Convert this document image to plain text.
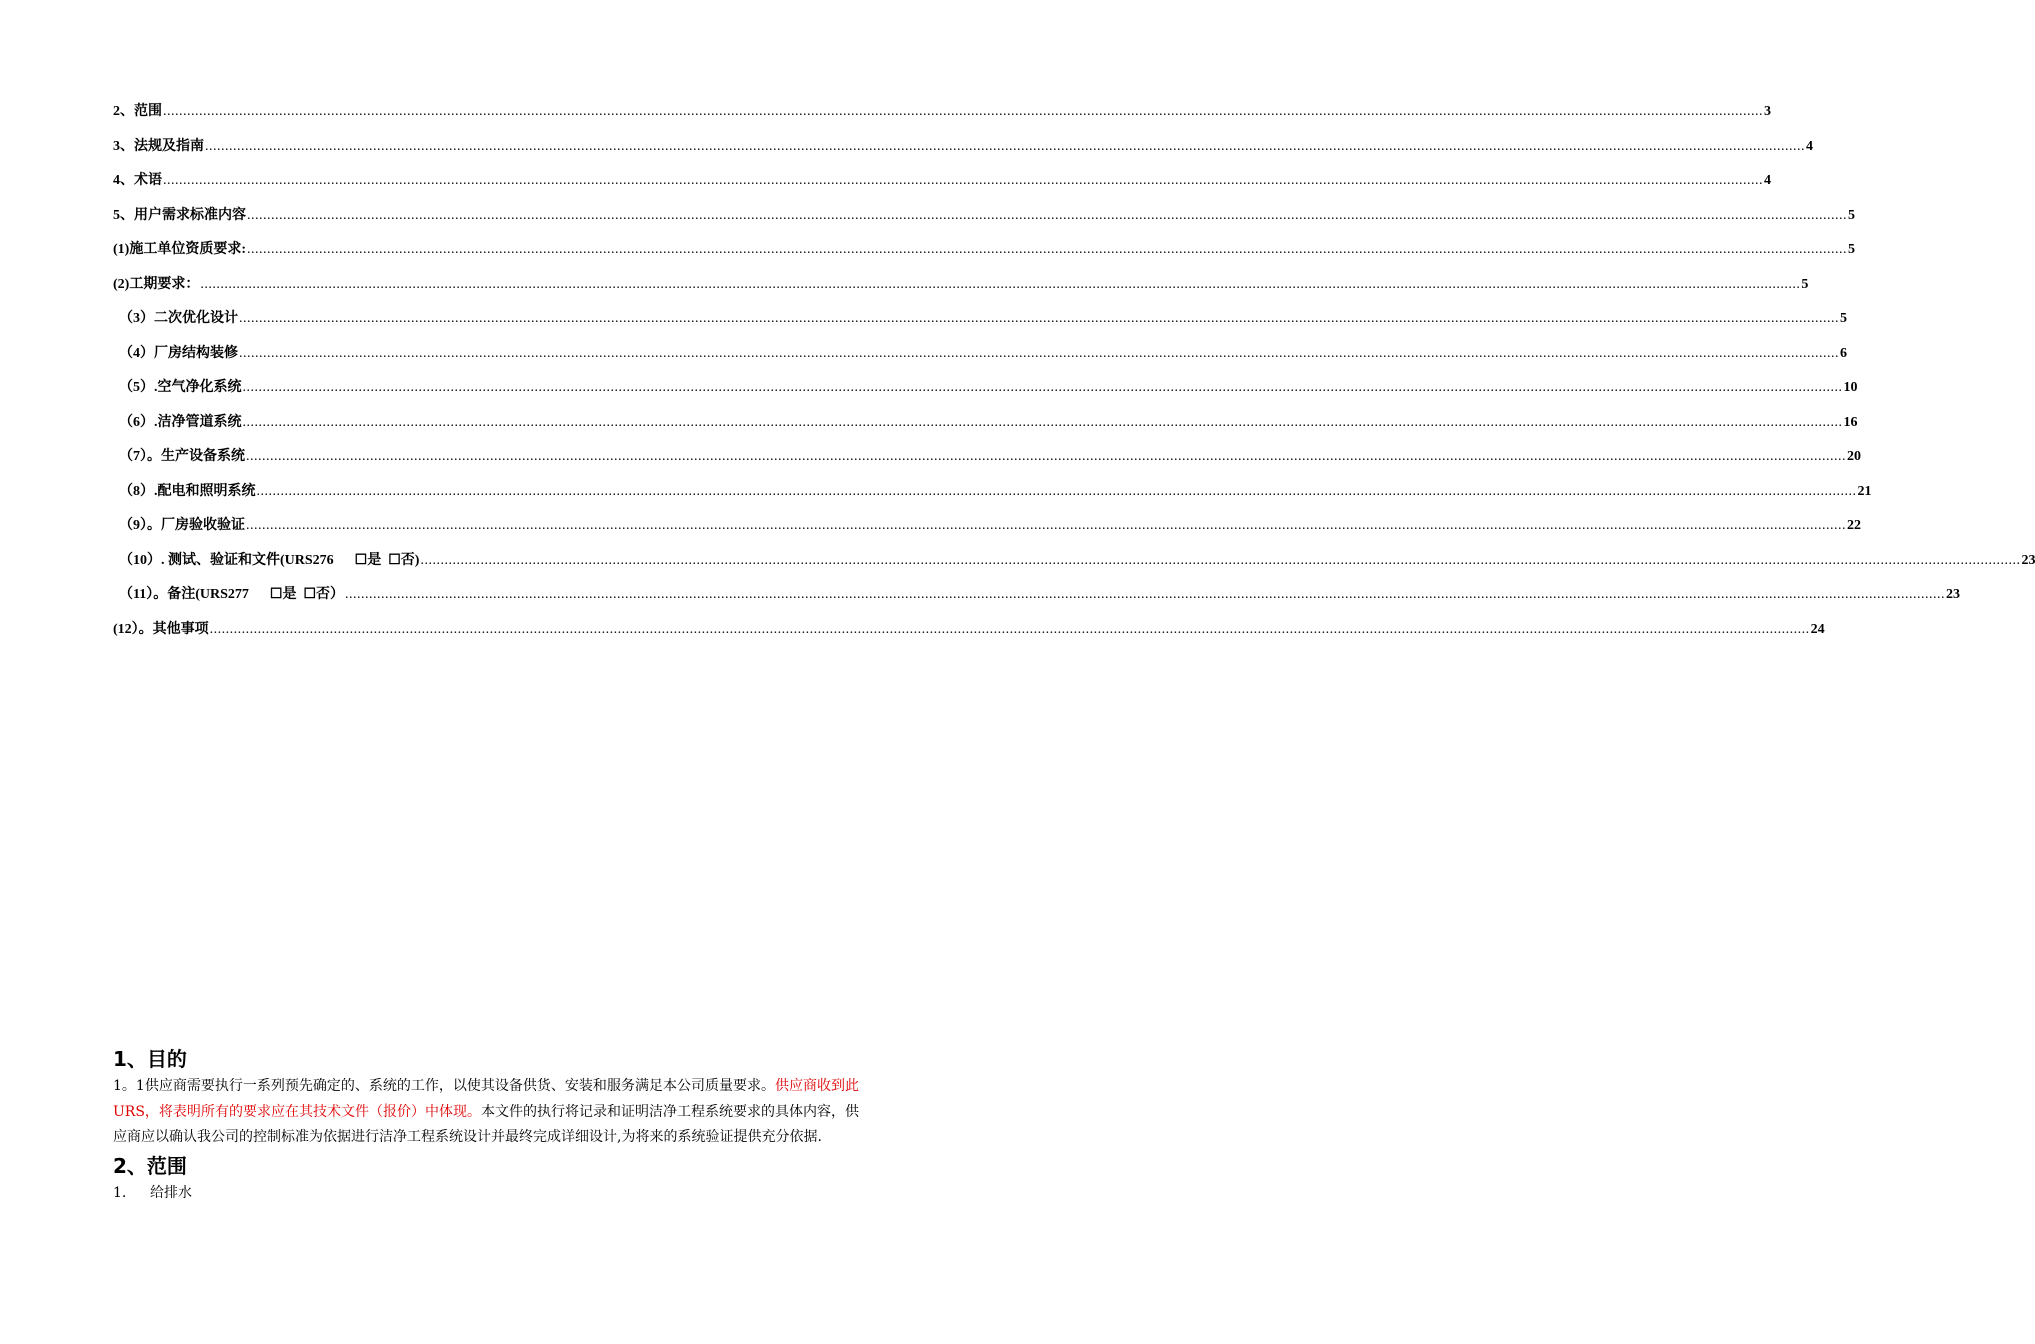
2、范围 ................................................................................................................................................................................................................................................................................................................................................................................................................ 3
3、法规及指南 ................................................................................................................................................................................................................................................................................................................................................................................................................ 4
4、术语 ................................................................................................................................................................................................................................................................................................................................................................................................................ 4
5、用户需求标准内容 ................................................................................................................................................................................................................................................................................................................................................................................................................ 5
(1)施工单位资质要求: ................................................................................................................................................................................................................................................................................................................................................................................................................ 5
(2)工期要求： ................................................................................................................................................................................................................................................................................................................................................................................................................ 5
（3）二次优化设计 ................................................................................................................................................................................................................................................................................................................................................................................................................ 5
（4）厂房结构装修 ................................................................................................................................................................................................................................................................................................................................................................................................................ 6
（5）.空气净化系统 ................................................................................................................................................................................................................................................................................................................................................................................................................ 10
（6）.洁净管道系统 ................................................................................................................................................................................................................................................................................................................................................................................................................ 16
（7）。生产设备系统 ................................................................................................................................................................................................................................................................................................................................................................................................................ 20
（8）.配电和照明系统 ................................................................................................................................................................................................................................................................................................................................................................................................................ 21
（9）。厂房验收验证 ................................................................................................................................................................................................................................................................................................................................................................................................................ 22
（10）. 测试、验证和文件(URS276      ☐是  ☐否) ................................................................................................................................................................................................................................................................................................................................................................................................................ 23
（11）。备注(URS277      ☐是  ☐否） ................................................................................................................................................................................................................................................................................................................................................................................................................ 23
(12）。其他事项 ................................................................................................................................................................................................................................................................................................................................................................................................................ 24
1、目的

1。1供应商需要执行一系列预先确定的、系统的工作，以使其设备供货、安装和服务满足本公司质量要求。供应商收到此URS，将表明所有的要求应在其技术文件（报价）中体现。本文件的执行将记录和证明洁净工程系统要求的具体内容，供应商应以确认我公司的控制标准为依据进行洁净工程系统设计并最终完成详细设计,为将来的系统验证提供充分依据.

2、范围
1.	给排水
